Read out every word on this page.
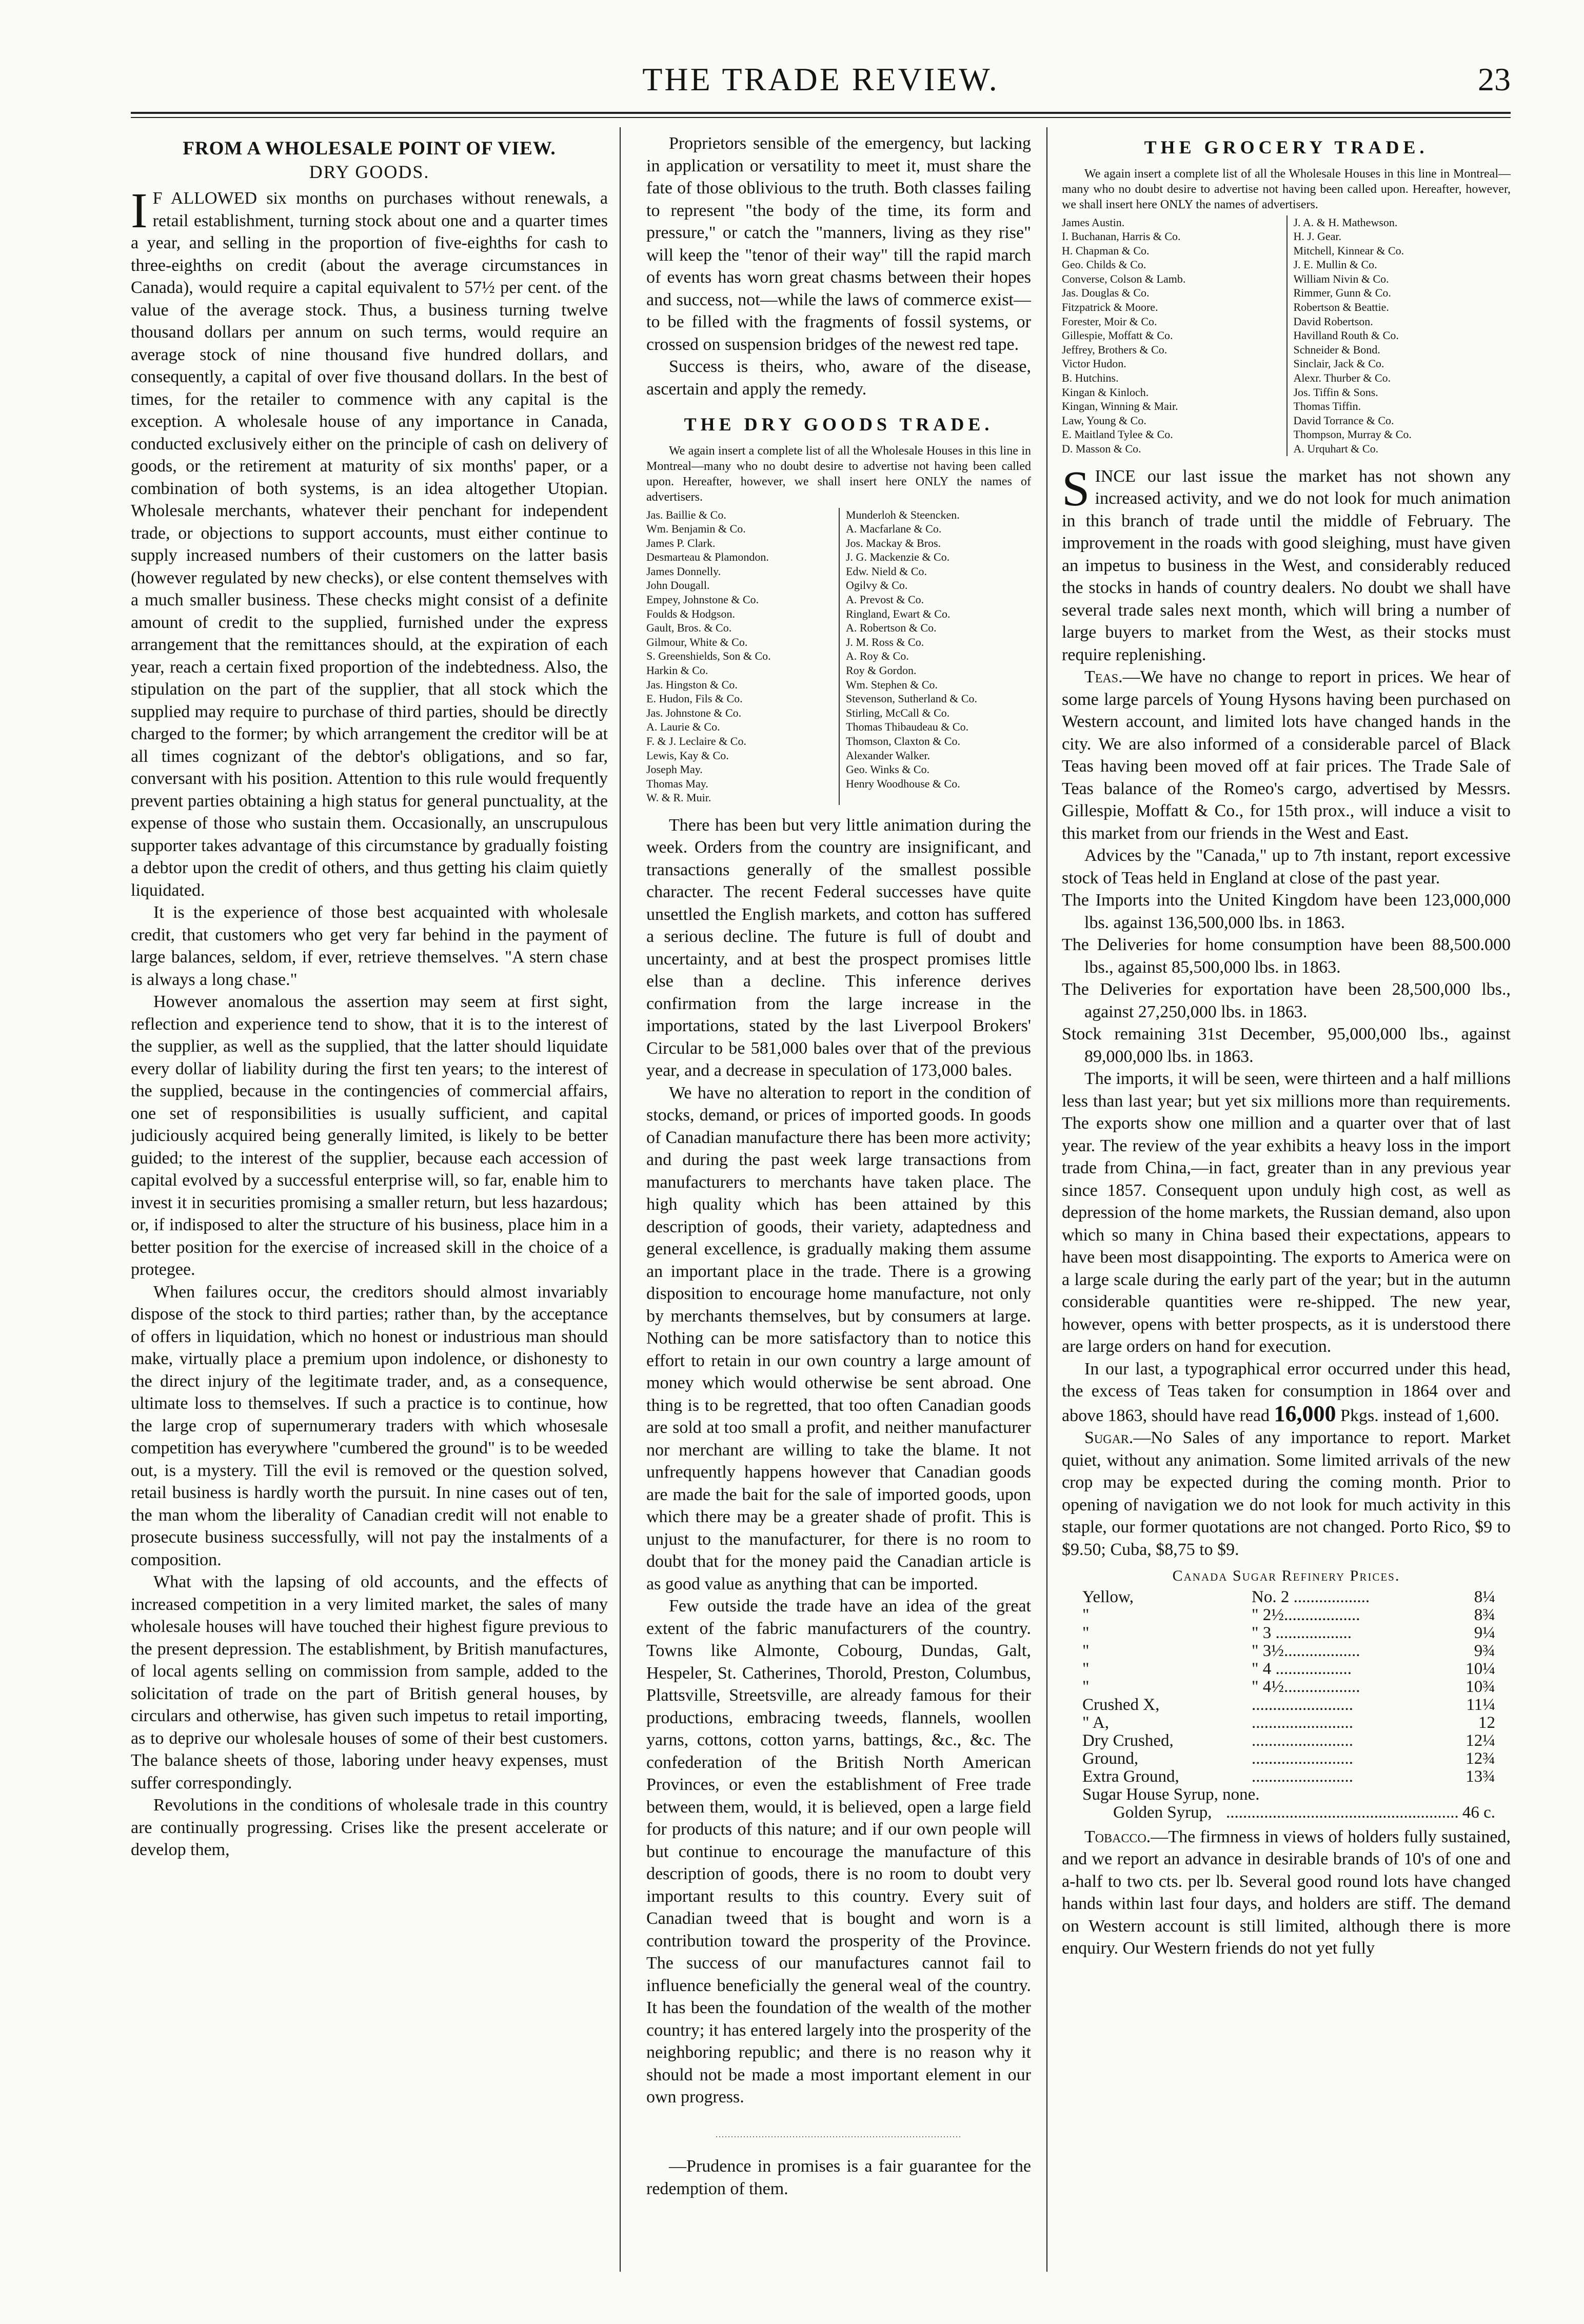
THE TRADE REVIEW.	23
FROM A WHOLESALE POINT OF VIEW.
DRY GOODS.

I F ALLOWED six months on purchases without renewals, a retail establishment, turning stock about one and a quarter times a year, and selling in the proportion of five-eighths for cash to three-eighths on credit (about the average circumstances in Canada), would require a capital equivalent to 57½ per cent. of the value of the average stock. Thus, a business turning twelve thousand dollars per annum on such terms, would require an average stock of nine thousand five hundred dollars, and consequently, a capital of over five thousand dollars. In the best of times, for the retailer to commence with any capital is the exception. A wholesale house of any importance in Canada, conducted exclusively either on the principle of cash on delivery of goods, or the retirement at maturity of six months' paper, or a combination of both systems, is an idea altogether Utopian. Wholesale merchants, whatever their penchant for independent trade, or objections to support accounts, must either continue to supply increased numbers of their customers on the latter basis (however regulated by new checks), or else content themselves with a much smaller business. These checks might consist of a definite amount of credit to the supplied, furnished under the express arrangement that the remittances should, at the expiration of each year, reach a certain fixed proportion of the indebtedness. Also, the stipulation on the part of the supplier, that all stock which the supplied may require to purchase of third parties, should be directly charged to the former; by which arrangement the creditor will be at all times cognizant of the debtor's obligations, and so far, conversant with his position. Attention to this rule would frequently prevent parties obtaining a high status for general punctuality, at the expense of those who sustain them. Occasionally, an unscrupulous supporter takes advantage of this circumstance by gradually foisting a debtor upon the credit of others, and thus getting his claim quietly liquidated.

It is the experience of those best acquainted with wholesale credit, that customers who get very far behind in the payment of large balances, seldom, if ever, retrieve themselves. "A stern chase is always a long chase."

However anomalous the assertion may seem at first sight, reflection and experience tend to show, that it is to the interest of the supplier, as well as the supplied, that the latter should liquidate every dollar of liability during the first ten years; to the interest of the supplied, because in the contingencies of commercial affairs, one set of responsibilities is usually sufficient, and capital judiciously acquired being generally limited, is likely to be better guided; to the interest of the supplier, because each accession of capital evolved by a successful enterprise will, so far, enable him to invest it in securities promising a smaller return, but less hazardous; or, if indisposed to alter the structure of his business, place him in a better position for the exercise of increased skill in the choice of a protegee.

When failures occur, the creditors should almost invariably dispose of the stock to third parties; rather than, by the acceptance of offers in liquidation, which no honest or industrious man should make, virtually place a premium upon indolence, or dishonesty to the direct injury of the legitimate trader, and, as a consequence, ultimate loss to themselves. If such a practice is to continue, how the large crop of supernumerary traders with which whosesale competition has everywhere "cumbered the ground" is to be weeded out, is a mystery. Till the evil is removed or the question solved, retail business is hardly worth the pursuit. In nine cases out of ten, the man whom the liberality of Canadian credit will not enable to prosecute business successfully, will not pay the instalments of a composition.

What with the lapsing of old accounts, and the effects of increased competition in a very limited market, the sales of many wholesale houses will have touched their highest figure previous to the present depression. The establishment, by British manufactures, of local agents selling on commission from sample, added to the solicitation of trade on the part of British general houses, by circulars and otherwise, has given such impetus to retail importing, as to deprive our wholesale houses of some of their best customers. The balance sheets of those, laboring under heavy expenses, must suffer correspondingly.

Revolutions in the conditions of wholesale trade in this country are continually progressing. Crises like the present accelerate or develop them,

Proprietors sensible of the emergency, but lacking in application or versatility to meet it, must share the fate of those oblivious to the truth. Both classes failing to represent "the body of the time, its form and pressure," or catch the "manners, living as they rise" will keep the "tenor of their way" till the rapid march of events has worn great chasms between their hopes and success, not—while the laws of commerce exist—to be filled with the fragments of fossil systems, or crossed on suspension bridges of the newest red tape.

Success is theirs, who, aware of the disease, ascertain and apply the remedy.

THE DRY GOODS TRADE.

We again insert a complete list of all the Wholesale Houses in this line in Montreal—many who no doubt desire to advertise not having been called upon. Hereafter, however, we shall insert here ONLY the names of advertisers.

Jas. Baillie & Co.
Wm. Benjamin & Co.
James P. Clark.
Desmarteau & Plamondon.
James Donnelly.
John Dougall.
Empey, Johnstone & Co.
Foulds & Hodgson.
Gault, Bros. & Co.
Gilmour, White & Co.
S. Greenshields, Son & Co.
Harkin & Co.
Jas. Hingston & Co.
E. Hudon, Fils & Co.
Jas. Johnstone & Co.
A. Laurie & Co.
F. & J. Leclaire & Co.
Lewis, Kay & Co.
Joseph May.
Thomas May.
W. & R. Muir.
Munderloh & Steencken.
A. Macfarlane & Co.
Jos. Mackay & Bros.
J. G. Mackenzie & Co.
Edw. Nield & Co.
Ogilvy & Co.
A. Prevost & Co.
Ringland, Ewart & Co.
A. Robertson & Co.
J. M. Ross & Co.
A. Roy & Co.
Roy & Gordon.
Wm. Stephen & Co.
Stevenson, Sutherland & Co.
Stirling, McCall & Co.
Thomas Thibaudeau & Co.
Thomson, Claxton & Co.
Alexander Walker.
Geo. Winks & Co.
Henry Woodhouse & Co.

There has been but very little animation during the week. Orders from the country are insignificant, and transactions generally of the smallest possible character. The recent Federal successes have quite unsettled the English markets, and cotton has suffered a serious decline. The future is full of doubt and uncertainty, and at best the prospect promises little else than a decline. This inference derives confirmation from the large increase in the importations, stated by the last Liverpool Brokers' Circular to be 581,000 bales over that of the previous year, and a decrease in speculation of 173,000 bales.

We have no alteration to report in the condition of stocks, demand, or prices of imported goods. In goods of Canadian manufacture there has been more activity; and during the past week large transactions from manufacturers to merchants have taken place. The high quality which has been attained by this description of goods, their variety, adaptedness and general excellence, is gradually making them assume an important place in the trade. There is a growing disposition to encourage home manufacture, not only by merchants themselves, but by consumers at large. Nothing can be more satisfactory than to notice this effort to retain in our own country a large amount of money which would otherwise be sent abroad. One thing is to be regretted, that too often Canadian goods are sold at too small a profit, and neither manufacturer nor merchant are willing to take the blame. It not unfrequently happens however that Canadian goods are made the bait for the sale of imported goods, upon which there may be a greater shade of profit. This is unjust to the manufacturer, for there is no room to doubt that for the money paid the Canadian article is as good value as anything that can be imported.

Few outside the trade have an idea of the great extent of the fabric manufacturers of the country. Towns like Almonte, Cobourg, Dundas, Galt, Hespeler, St. Catherines, Thorold, Preston, Columbus, Plattsville, Streetsville, are already famous for their productions, embracing tweeds, flannels, woollen yarns, cottons, cotton yarns, battings, &c., &c. The confederation of the British North American Provinces, or even the establishment of Free trade between them, would, it is believed, open a large field for products of this nature; and if our own people will but continue to encourage the manufacture of this description of goods, there is no room to doubt very important results to this country. Every suit of Canadian tweed that is bought and worn is a contribution toward the prosperity of the Province. The success of our manufactures cannot fail to influence beneficially the general weal of the country. It has been the foundation of the wealth of the mother country; it has entered largely into the prosperity of the neighboring republic; and there is no reason why it should not be made a most important element in our own progress.

................................................................................

—Prudence in promises is a fair guarantee for the redemption of them.

THE GROCERY TRADE.

We again insert a complete list of all the Wholesale Houses in this line in Montreal—many who no doubt desire to advertise not having been called upon. Hereafter, however, we shall insert here ONLY the names of advertisers.

James Austin.
I. Buchanan, Harris & Co.
H. Chapman & Co.
Geo. Childs & Co.
Converse, Colson & Lamb.
Jas. Douglas & Co.
Fitzpatrick & Moore.
Forester, Moir & Co.
Gillespie, Moffatt & Co.
Jeffrey, Brothers & Co.
Victor Hudon.
B. Hutchins.
Kingan & Kinloch.
Kingan, Winning & Mair.
Law, Young & Co.
E. Maitland Tylee & Co.
D. Masson & Co.
J. A. & H. Mathewson.
H. J. Gear.
Mitchell, Kinnear & Co.
J. E. Mullin & Co.
William Nivin & Co.
Rimmer, Gunn & Co.
Robertson & Beattie.
David Robertson.
Havilland Routh & Co.
Schneider & Bond.
Sinclair, Jack & Co.
Alexr. Thurber & Co.
Jos. Tiffin & Sons.
Thomas Tiffin.
David Torrance & Co.
Thompson, Murray & Co.
A. Urquhart & Co.

SINCE our last issue the market has not shown any increased activity, and we do not look for much animation in this branch of trade until the middle of February. The improvement in the roads with good sleighing, must have given an impetus to business in the West, and considerably reduced the stocks in hands of country dealers. No doubt we shall have several trade sales next month, which will bring a number of large buyers to market from the West, as their stocks must require replenishing.

Teas.—We have no change to report in prices. We hear of some large parcels of Young Hysons having been purchased on Western account, and limited lots have changed hands in the city. We are also informed of a considerable parcel of Black Teas having been moved off at fair prices. The Trade Sale of Teas balance of the Romeo's cargo, advertised by Messrs. Gillespie, Moffatt & Co., for 15th prox., will induce a visit to this market from our friends in the West and East.

Advices by the "Canada," up to 7th instant, report excessive stock of Teas held in England at close of the past year.

The Imports into the United Kingdom have been 123,000,000 lbs. against 136,500,000 lbs. in 1863.

The Deliveries for home consumption have been 88,500.000 lbs., against 85,500,000 lbs. in 1863.

The Deliveries for exportation have been 28,500,000 lbs., against 27,250,000 lbs. in 1863.

Stock remaining 31st December, 95,000,000 lbs., against 89,000,000 lbs. in 1863.

The imports, it will be seen, were thirteen and a half millions less than last year; but yet six millions more than requirements. The exports show one million and a quarter over that of last year. The review of the year exhibits a heavy loss in the import trade from China,—in fact, greater than in any previous year since 1857. Consequent upon unduly high cost, as well as depression of the home markets, the Russian demand, also upon which so many in China based their expectations, appears to have been most disappointing. The exports to America were on a large scale during the early part of the year; but in the autumn considerable quantities were re-shipped. The new year, however, opens with better prospects, as it is understood there are large orders on hand for execution.

In our last, a typographical error occurred under this head, the excess of Teas taken for consumption in 1864 over and above 1863, should have read 16,000 Pkgs. instead of 1,600.

Sugar.—No Sales of any importance to report. Market quiet, without any animation. Some limited arrivals of the new crop may be expected during the coming month. Prior to opening of navigation we do not look for much activity in this staple, our former quotations are not changed. Porto Rico, $9 to $9.50; Cuba, $8,75 to $9.

Canada Sugar Refinery Prices.
Yellow,	No. 2 ..................	8¼
"	" 2½..................	8¾
"	" 3 ..................	9¼
"	" 3½..................	9¾
"	" 4 ..................	10¼
"	" 4½..................	10¾
Crushed X,	........................	11¼
" A,	........................	12
Dry Crushed,	........................	12¼
Ground,	........................	12¾
Extra Ground,	........................	13¾
Sugar House Syrup, none.
Golden Syrup, ....................................................... 46 c.

Tobacco.—The firmness in views of holders fully sustained, and we report an advance in desirable brands of 10's of one and a-half to two cts. per lb. Several good round lots have changed hands within last four days, and holders are stiff. The demand on Western account is still limited, although there is more enquiry. Our Western friends do not yet fully
